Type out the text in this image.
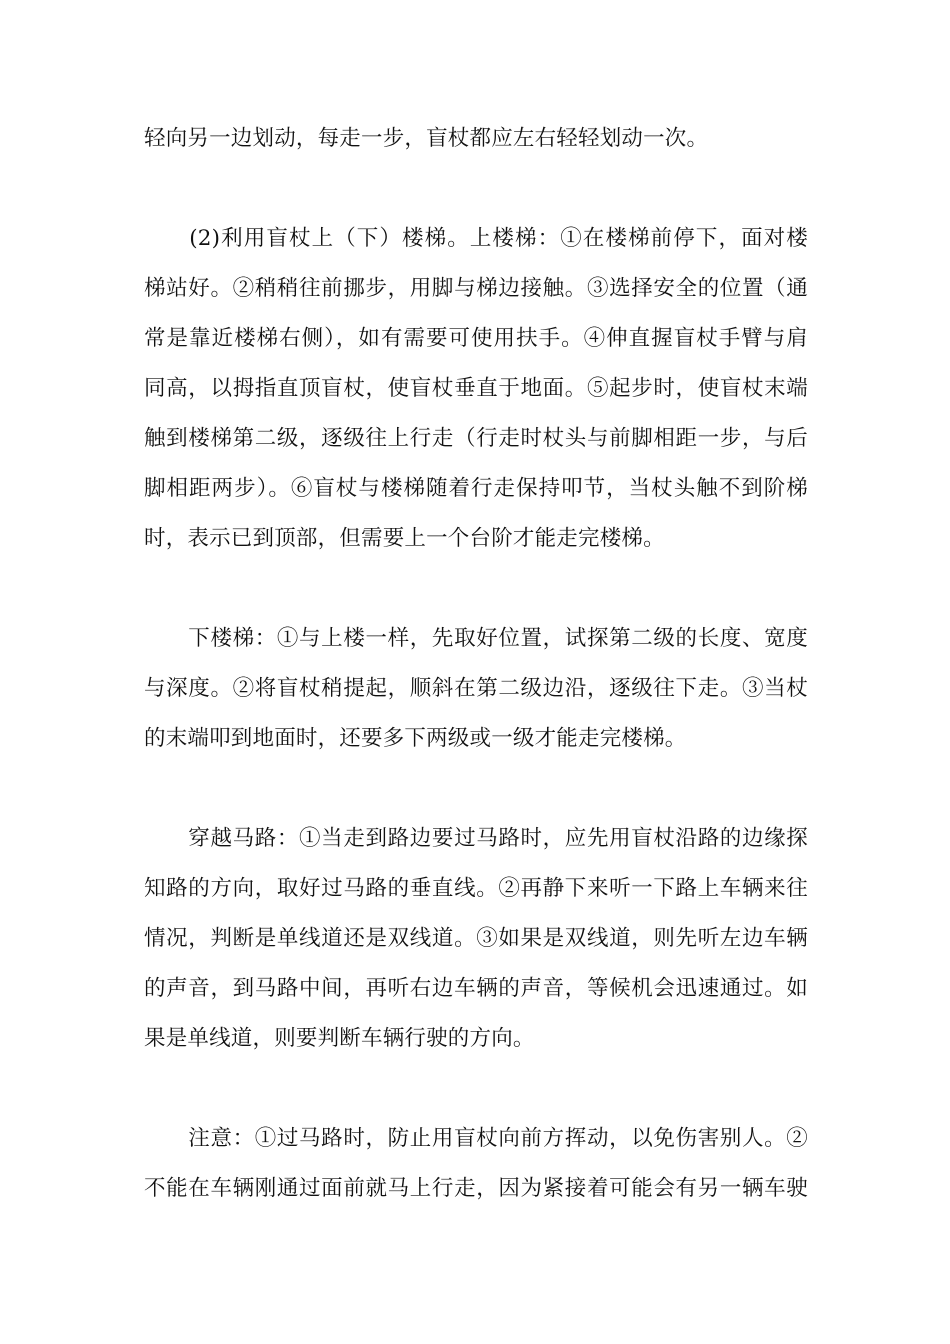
轻向另一边划动，每走一步，盲杖都应左右轻轻划动一次。
　　(2)利用盲杖上（下）楼梯。上楼梯：①在楼梯前停下，面对楼
梯站好。②稍稍往前挪步，用脚与梯边接触。③选择安全的位置（通
常是靠近楼梯右侧），如有需要可使用扶手。④伸直握盲杖手臂与肩
同高，以拇指直顶盲杖，使盲杖垂直于地面。⑤起步时，使盲杖末端
触到楼梯第二级，逐级往上行走（行走时杖头与前脚相距一步，与后
脚相距两步）。⑥盲杖与楼梯随着行走保持叩节，当杖头触不到阶梯
时，表示已到顶部，但需要上一个台阶才能走完楼梯。
　　下楼梯：①与上楼一样，先取好位置，试探第二级的长度、宽度
与深度。②将盲杖稍提起，顺斜在第二级边沿，逐级往下走。③当杖
的末端叩到地面时，还要多下两级或一级才能走完楼梯。
　　穿越马路：①当走到路边要过马路时，应先用盲杖沿路的边缘探
知路的方向，取好过马路的垂直线。②再静下来听一下路上车辆来往
情况，判断是单线道还是双线道。③如果是双线道，则先听左边车辆
的声音，到马路中间，再听右边车辆的声音，等候机会迅速通过。如
果是单线道，则要判断车辆行驶的方向。
　　注意：①过马路时，防止用盲杖向前方挥动，以免伤害别人。②
不能在车辆刚通过面前就马上行走，因为紧接着可能会有另一辆车驶
